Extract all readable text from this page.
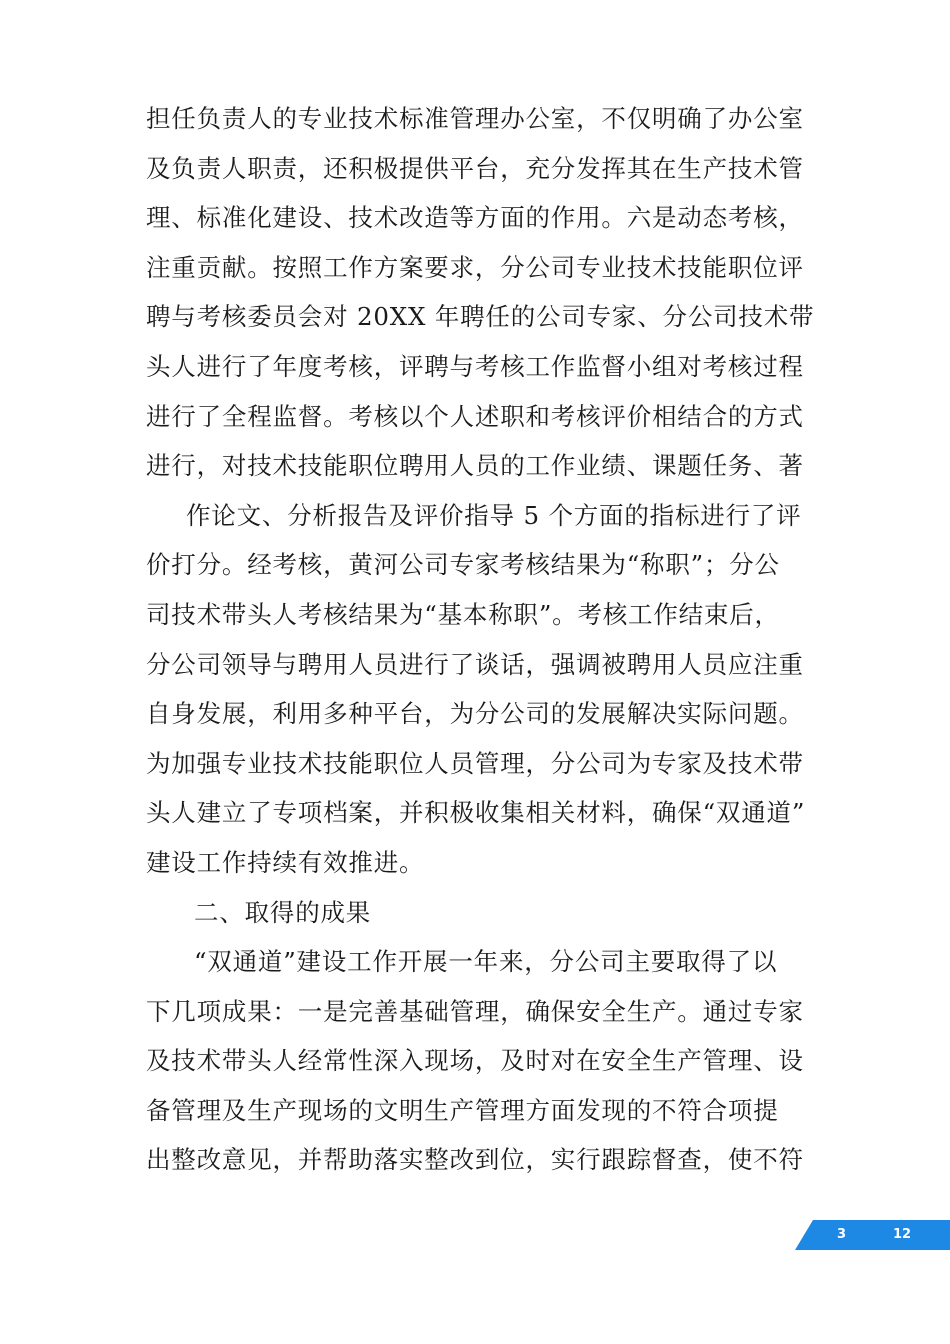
担任负责人的专业技术标准管理办公室，不仅明确了办公室
及负责人职责，还积极提供平台，充分发挥其在生产技术管
理、标准化建设、技术改造等方面的作用。六是动态考核，
注重贡献。按照工作方案要求，分公司专业技术技能职位评
聘与考核委员会对 20XX 年聘任的公司专家、分公司技术带
头人进行了年度考核，评聘与考核工作监督小组对考核过程
进行了全程监督。考核以个人述职和考核评价相结合的方式
进行，对技术技能职位聘用人员的工作业绩、课题任务、著
作论文、分析报告及评价指导 5 个方面的指标进行了评
价打分。经考核，黄河公司专家考核结果为“称职”；分公
司技术带头人考核结果为“基本称职”。考核工作结束后，
分公司领导与聘用人员进行了谈话，强调被聘用人员应注重
自身发展，利用多种平台，为分公司的发展解决实际问题。
为加强专业技术技能职位人员管理，分公司为专家及技术带
头人建立了专项档案，并积极收集相关材料，确保“双通道”
建设工作持续有效推进。
二、取得的成果
“双通道”建设工作开展一年来，分公司主要取得了以
下几项成果：一是完善基础管理，确保安全生产。通过专家
及技术带头人经常性深入现场，及时对在安全生产管理、设
备管理及生产现场的文明生产管理方面发现的不符合项提
出整改意见，并帮助落实整改到位，实行跟踪督查，使不符
3	12
